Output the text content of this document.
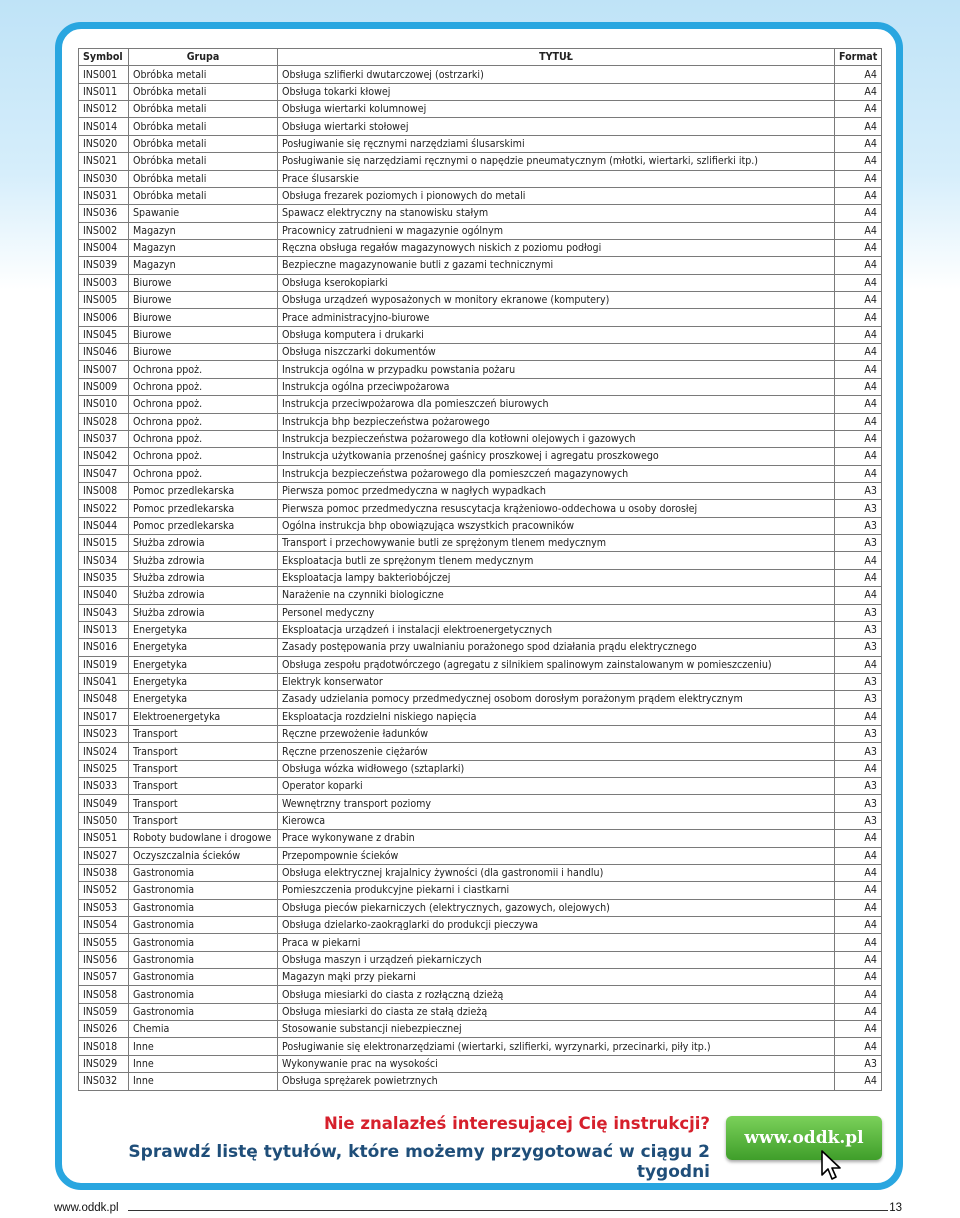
Symbol	Grupa	TYTUŁ	Format
INS001	Obróbka metali	Obsługa szlifierki dwutarczowej (ostrzarki)	A4
INS011	Obróbka metali	Obsługa tokarki kłowej	A4
INS012	Obróbka metali	Obsługa wiertarki kolumnowej	A4
INS014	Obróbka metali	Obsługa wiertarki stołowej	A4
INS020	Obróbka metali	Posługiwanie się ręcznymi narzędziami ślusarskimi	A4
INS021	Obróbka metali	Posługiwanie się narzędziami ręcznymi o napędzie pneumatycznym (młotki, wiertarki, szlifierki itp.)	A4
INS030	Obróbka metali	Prace ślusarskie	A4
INS031	Obróbka metali	Obsługa frezarek poziomych i pionowych do metali	A4
INS036	Spawanie	Spawacz elektryczny na stanowisku stałym	A4
INS002	Magazyn	Pracownicy zatrudnieni w magazynie ogólnym	A4
INS004	Magazyn	Ręczna obsługa regałów magazynowych niskich z poziomu podłogi	A4
INS039	Magazyn	Bezpieczne magazynowanie butli z gazami technicznymi	A4
INS003	Biurowe	Obsługa kserokopiarki	A4
INS005	Biurowe	Obsługa urządzeń wyposażonych w monitory ekranowe (komputery)	A4
INS006	Biurowe	Prace administracyjno-biurowe	A4
INS045	Biurowe	Obsługa komputera i drukarki	A4
INS046	Biurowe	Obsługa niszczarki dokumentów	A4
INS007	Ochrona ppoż.	Instrukcja ogólna w przypadku powstania pożaru	A4
INS009	Ochrona ppoż.	Instrukcja ogólna przeciwpożarowa	A4
INS010	Ochrona ppoż.	Instrukcja przeciwpożarowa dla pomieszczeń biurowych	A4
INS028	Ochrona ppoż.	Instrukcja bhp bezpieczeństwa pożarowego	A4
INS037	Ochrona ppoż.	Instrukcja bezpieczeństwa pożarowego dla kotłowni olejowych i gazowych	A4
INS042	Ochrona ppoż.	Instrukcja użytkowania przenośnej gaśnicy proszkowej i agregatu proszkowego	A4
INS047	Ochrona ppoż.	Instrukcja bezpieczeństwa pożarowego dla pomieszczeń magazynowych	A4
INS008	Pomoc przedlekarska	Pierwsza pomoc przedmedyczna w nagłych wypadkach	A3
INS022	Pomoc przedlekarska	Pierwsza pomoc przedmedyczna resuscytacja krążeniowo-oddechowa u osoby dorosłej	A3
INS044	Pomoc przedlekarska	Ogólna instrukcja bhp obowiązująca wszystkich pracowników	A3
INS015	Służba zdrowia	Transport i przechowywanie butli ze sprężonym tlenem medycznym	A3
INS034	Służba zdrowia	Eksploatacja butli ze sprężonym tlenem medycznym	A4
INS035	Służba zdrowia	Eksploatacja lampy bakteriobójczej	A4
INS040	Służba zdrowia	Narażenie na czynniki biologiczne	A4
INS043	Służba zdrowia	Personel medyczny	A3
INS013	Energetyka	Eksploatacja urządzeń i instalacji elektroenergetycznych	A3
INS016	Energetyka	Zasady postępowania przy uwalnianiu porażonego spod działania prądu elektrycznego	A3
INS019	Energetyka	Obsługa zespołu prądotwórczego (agregatu z silnikiem spalinowym zainstalowanym w pomieszczeniu)	A4
INS041	Energetyka	Elektryk konserwator	A3
INS048	Energetyka	Zasady udzielania pomocy przedmedycznej osobom dorosłym porażonym prądem elektrycznym	A3
INS017	Elektroenergetyka	Eksploatacja rozdzielni niskiego napięcia	A4
INS023	Transport	Ręczne przewożenie ładunków	A3
INS024	Transport	Ręczne przenoszenie ciężarów	A3
INS025	Transport	Obsługa wózka widłowego (sztaplarki)	A4
INS033	Transport	Operator koparki	A3
INS049	Transport	Wewnętrzny transport poziomy	A3
INS050	Transport	Kierowca	A3
INS051	Roboty budowlane i drogowe	Prace wykonywane z drabin	A4
INS027	Oczyszczalnia ścieków	Przepompownie ścieków	A4
INS038	Gastronomia	Obsługa elektrycznej krajalnicy żywności (dla gastronomii i handlu)	A4
INS052	Gastronomia	Pomieszczenia produkcyjne piekarni i ciastkarni	A4
INS053	Gastronomia	Obsługa pieców piekarniczych (elektrycznych, gazowych, olejowych)	A4
INS054	Gastronomia	Obsługa dzielarko-zaokrąglarki do produkcji pieczywa	A4
INS055	Gastronomia	Praca w piekarni	A4
INS056	Gastronomia	Obsługa maszyn i urządzeń piekarniczych	A4
INS057	Gastronomia	Magazyn mąki przy piekarni	A4
INS058	Gastronomia	Obsługa miesiarki do ciasta z rozłączną dzieżą	A4
INS059	Gastronomia	Obsługa miesiarki do ciasta ze stałą dzieżą	A4
INS026	Chemia	Stosowanie substancji niebezpiecznej	A4
INS018	Inne	Posługiwanie się elektronarzędziami (wiertarki, szlifierki, wyrzynarki, przecinarki, piły itp.)	A4
INS029	Inne	Wykonywanie prac na wysokości	A3
INS032	Inne	Obsługa sprężarek powietrznych	A4
Nie znalazłeś interesującej Cię instrukcji?
Sprawdź listę tytułów, które możemy przygotować w ciągu 2 tygodni
www.oddk.pl
www.oddk.pl	13
